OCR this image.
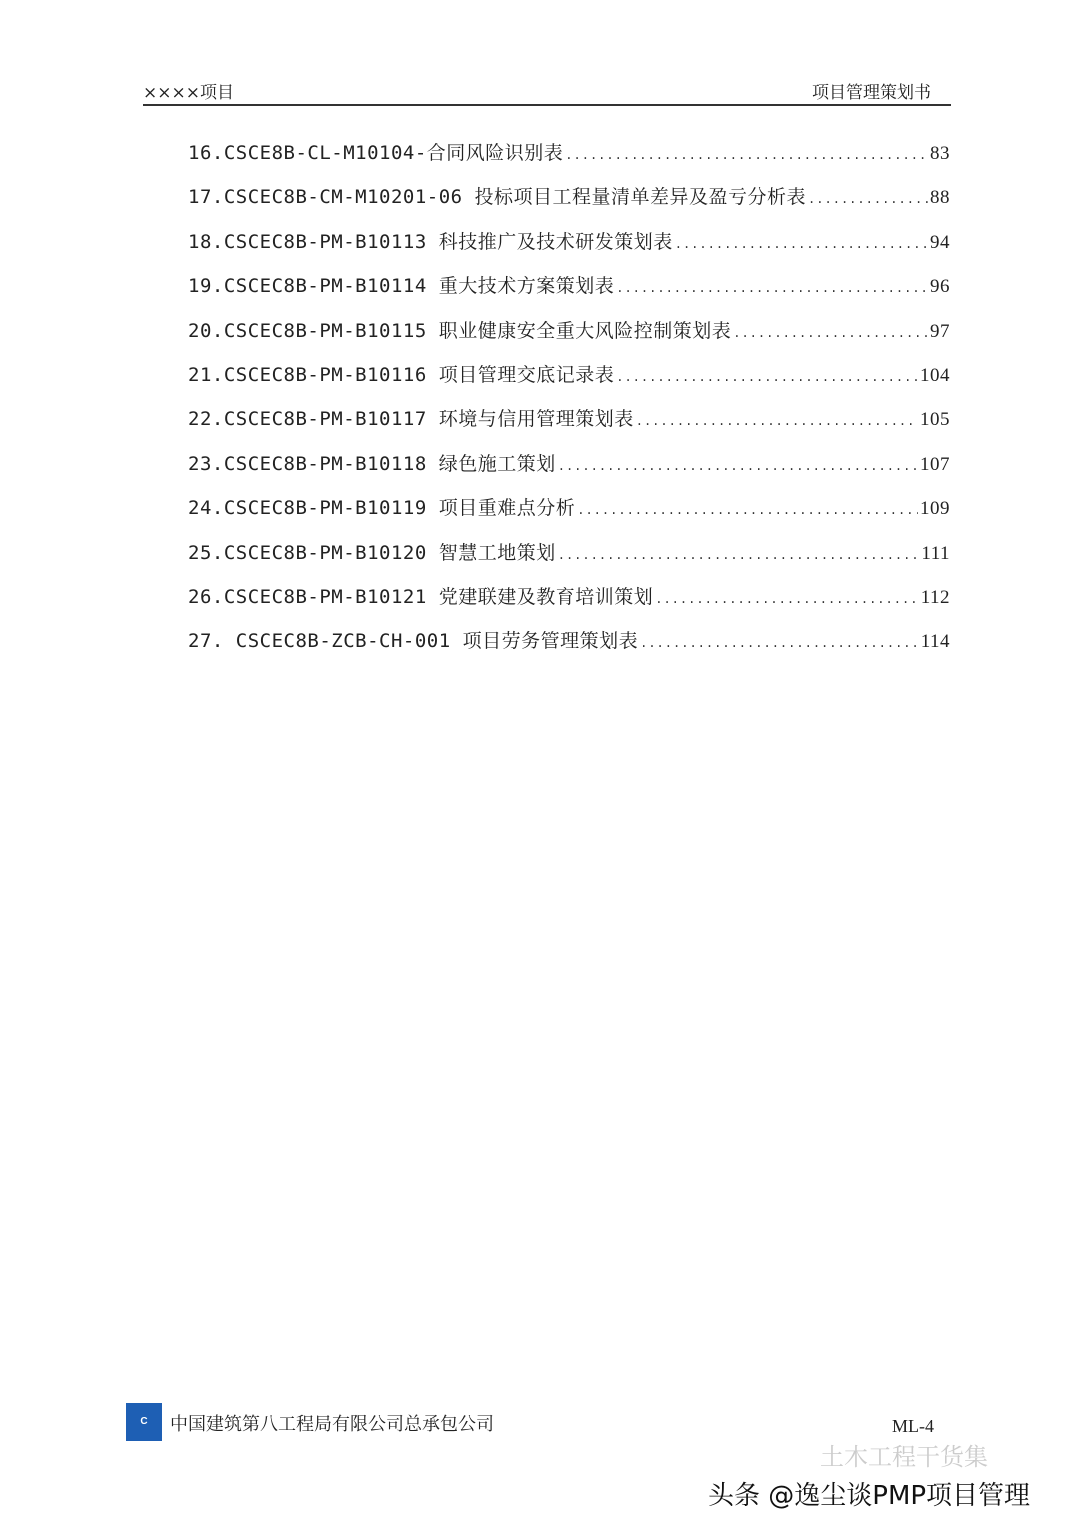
××××项目	项目管理策划书
16.CSCE8B-CL-M10104-合同风险识别表 .....	83
17.CSCEC8B-CM-M10201-06 投标项目工程量清单差异及盈亏分析表 .....	88
18.CSCEC8B-PM-B10113 科技推广及技术研发策划表 .....	94
19.CSCEC8B-PM-B10114 重大技术方案策划表 .....	96
20.CSCEC8B-PM-B10115 职业健康安全重大风险控制策划表 .....	97
21.CSCEC8B-PM-B10116 项目管理交底记录表 .....	104
22.CSCEC8B-PM-B10117 环境与信用管理策划表 .....	105
23.CSCEC8B-PM-B10118 绿色施工策划 .....	107
24.CSCEC8B-PM-B10119 项目重难点分析 .....	109
25.CSCEC8B-PM-B10120 智慧工地策划 .....	111
26.CSCEC8B-PM-B10121 党建联建及教育培训策划 .....	112
27. CSCEC8B-ZCB-CH-001 项目劳务管理策划表 .....	114
C	中国建筑第八工程局有限公司总承包公司	ML-4
土木工程干货集
头条 @逸尘谈PMP项目管理
